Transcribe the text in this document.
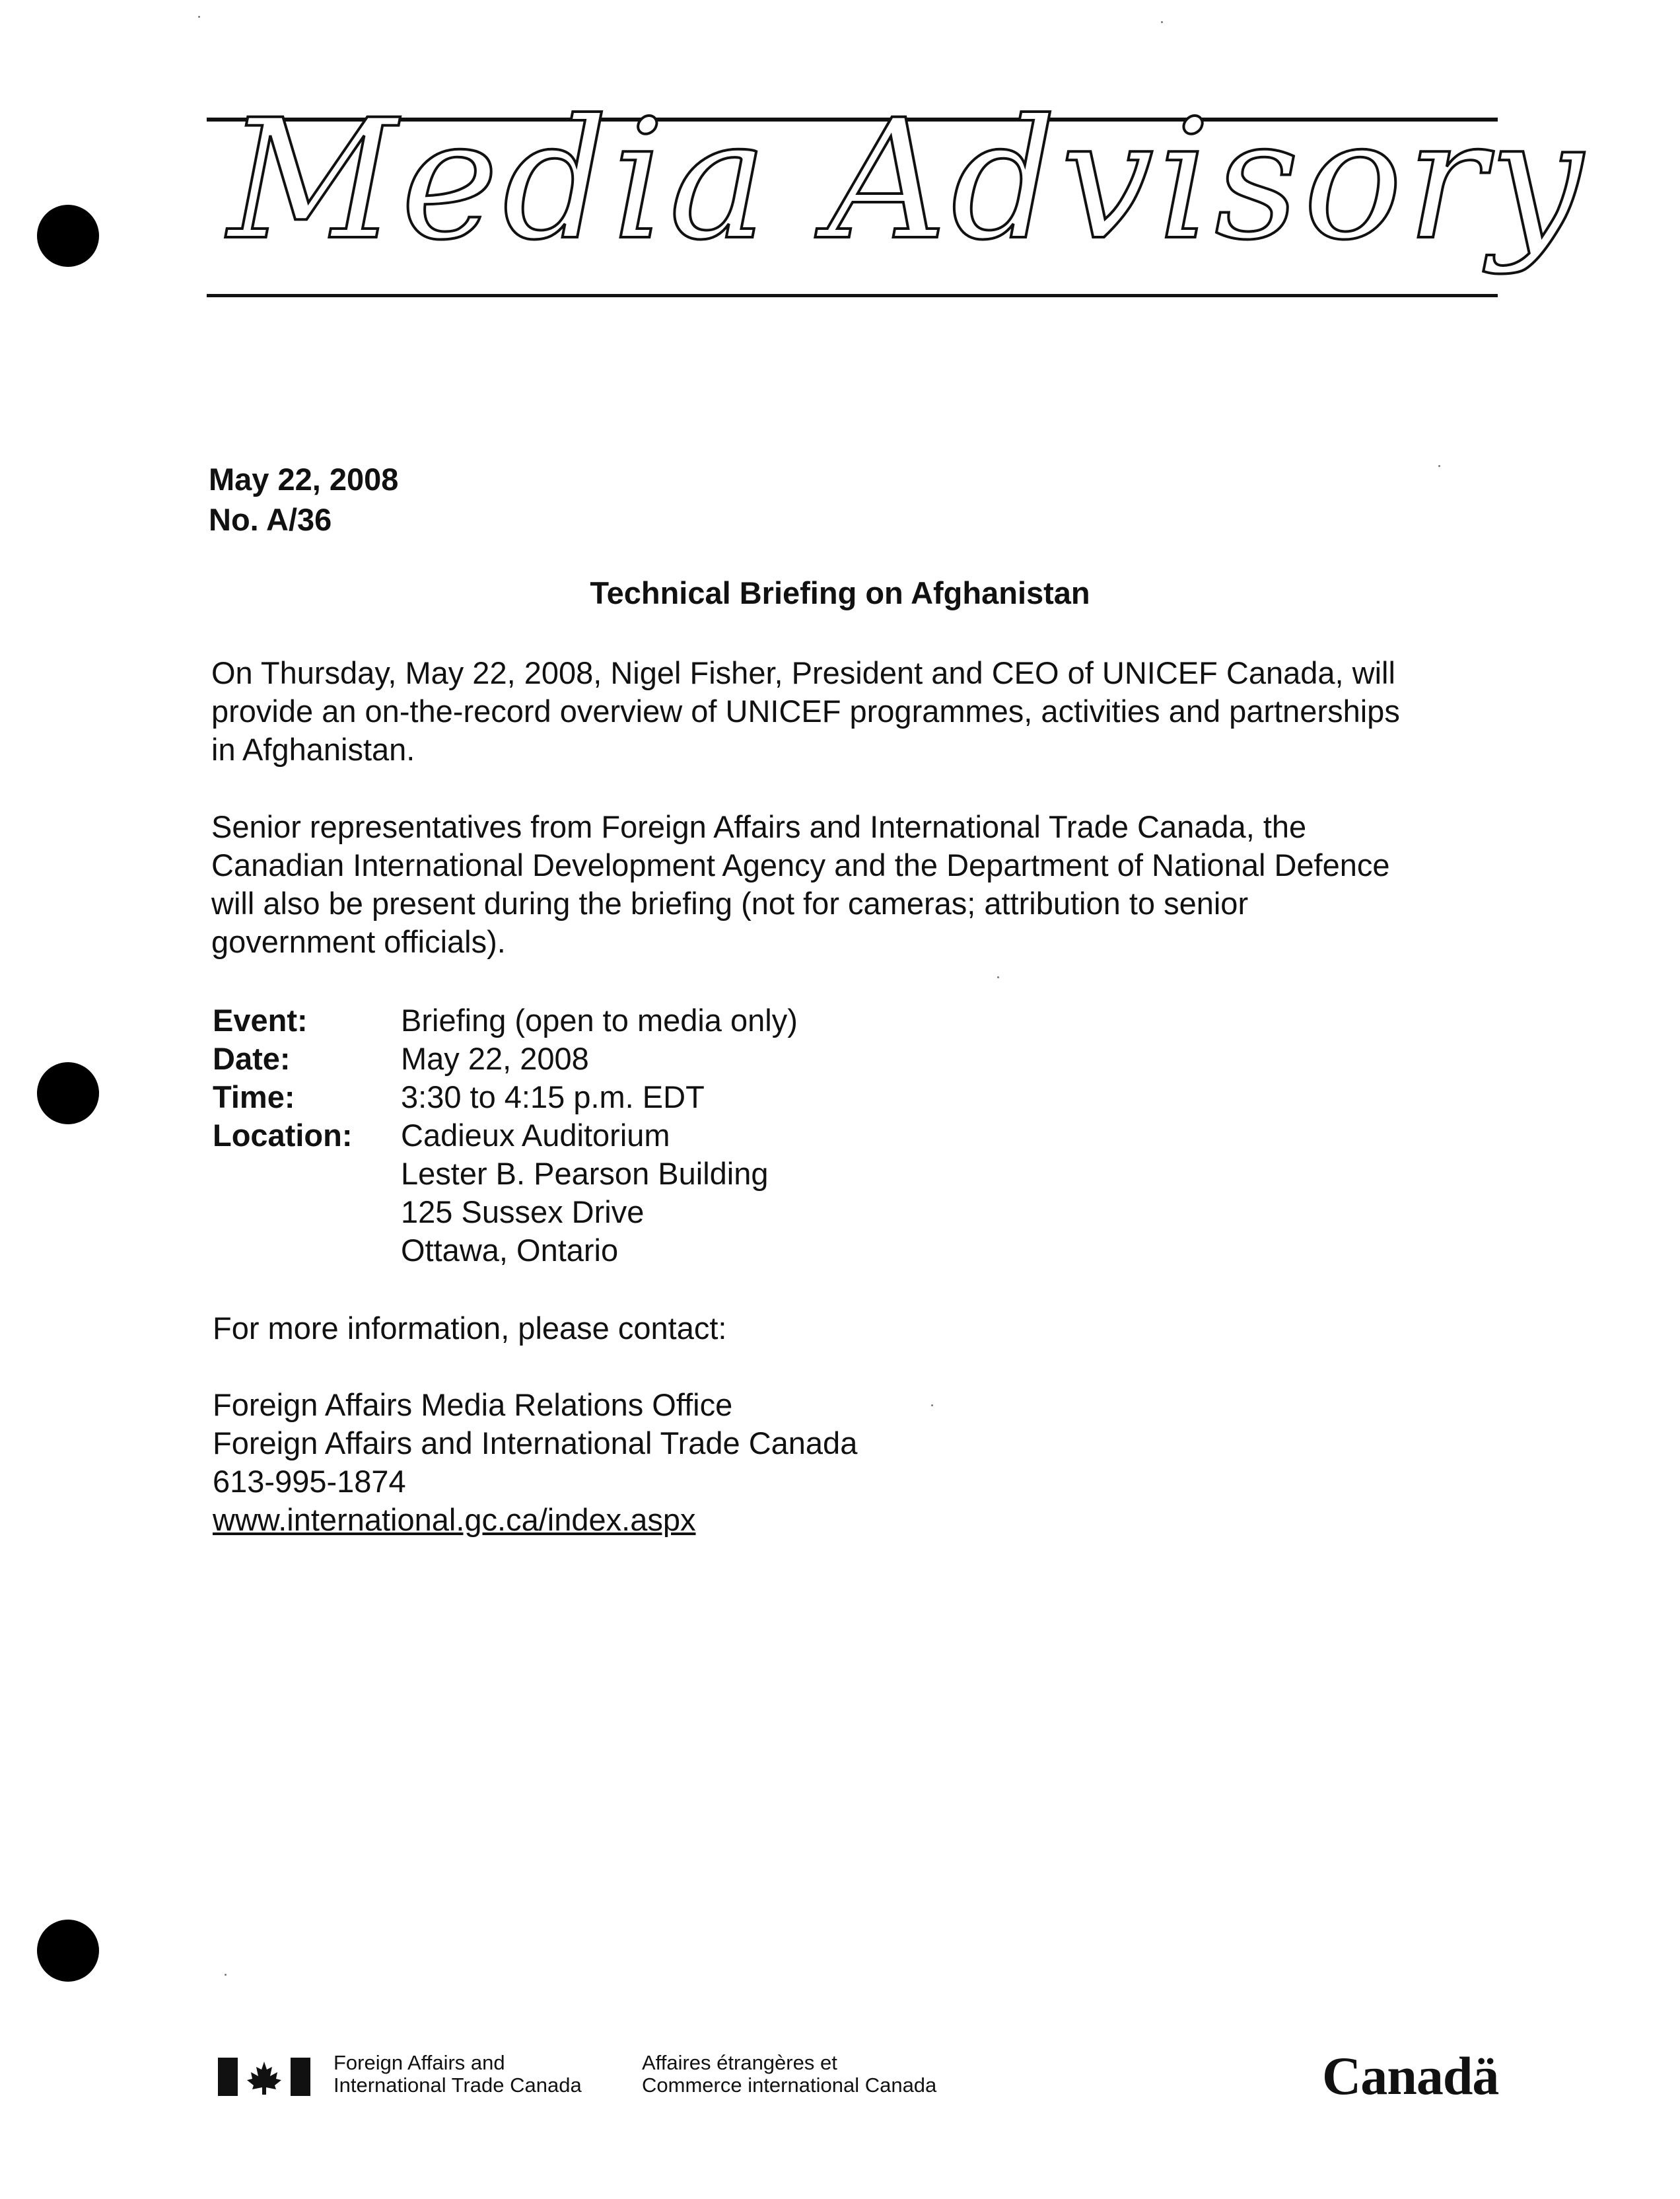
Media Advisory
May 22, 2008
No. A/36
Technical Briefing on Afghanistan
On Thursday, May 22, 2008, Nigel Fisher, President and CEO of UNICEF Canada, will
provide an on-the-record overview of UNICEF programmes, activities and partnerships
in Afghanistan.
Senior representatives from Foreign Affairs and International Trade Canada, the
Canadian International Development Agency and the Department of National Defence
will also be present during the briefing (not for cameras; attribution to senior
government officials).
Event:	Briefing (open to media only)
Date:	May 22, 2008
Time:	3:30 to 4:15 p.m. EDT
Location: Cadieux Auditorium
Lester B. Pearson Building
125 Sussex Drive
Ottawa, Ontario
For more information, please contact:
Foreign Affairs Media Relations Office
Foreign Affairs and International Trade Canada
613-995-1874
www.international.gc.ca/index.aspx
Foreign Affairs and
International Trade Canada
Affaires étrangères et
Commerce international Canada	Canadä
